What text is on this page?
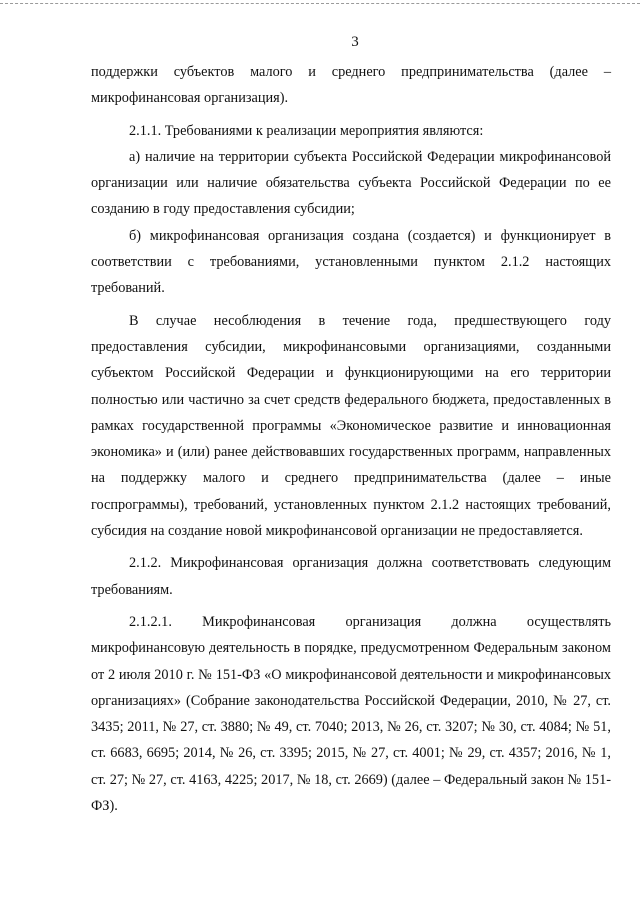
3

поддержки субъектов малого и среднего предпринимательства (далее – микрофинансовая организация).

2.1.1. Требованиями к реализации мероприятия являются:

а) наличие на территории субъекта Российской Федерации микрофинансовой организации или наличие обязательства субъекта Российской Федерации по ее созданию в году предоставления субсидии;

б) микрофинансовая организация создана (создается) и функционирует в соответствии с требованиями, установленными пунктом 2.1.2 настоящих требований.

В случае несоблюдения в течение года, предшествующего году предоставления субсидии, микрофинансовыми организациями, созданными субъектом Российской Федерации и функционирующими на его территории полностью или частично за счет средств федерального бюджета, предоставленных в рамках государственной программы «Экономическое развитие и инновационная экономика» и (или) ранее действовавших государственных программ, направленных на поддержку малого и среднего предпринимательства (далее – иные госпрограммы), требований, установленных пунктом 2.1.2 настоящих требований, субсидия на создание новой микрофинансовой организации не предоставляется.

2.1.2. Микрофинансовая организация должна соответствовать следующим требованиям.

2.1.2.1. Микрофинансовая организация должна осуществлять микрофинансовую деятельность в порядке, предусмотренном Федеральным законом от 2 июля 2010 г. № 151-ФЗ «О микрофинансовой деятельности и микрофинансовых организациях» (Собрание законодательства Российской Федерации, 2010, № 27, ст. 3435; 2011, № 27, ст. 3880; № 49, ст. 7040; 2013, № 26, ст. 3207; № 30, ст. 4084; № 51, ст. 6683, 6695; 2014, № 26, ст. 3395; 2015, № 27, ст. 4001; № 29, ст. 4357; 2016, № 1, ст. 27; № 27, ст. 4163, 4225; 2017, № 18, ст. 2669) (далее – Федеральный закон № 151-ФЗ).
